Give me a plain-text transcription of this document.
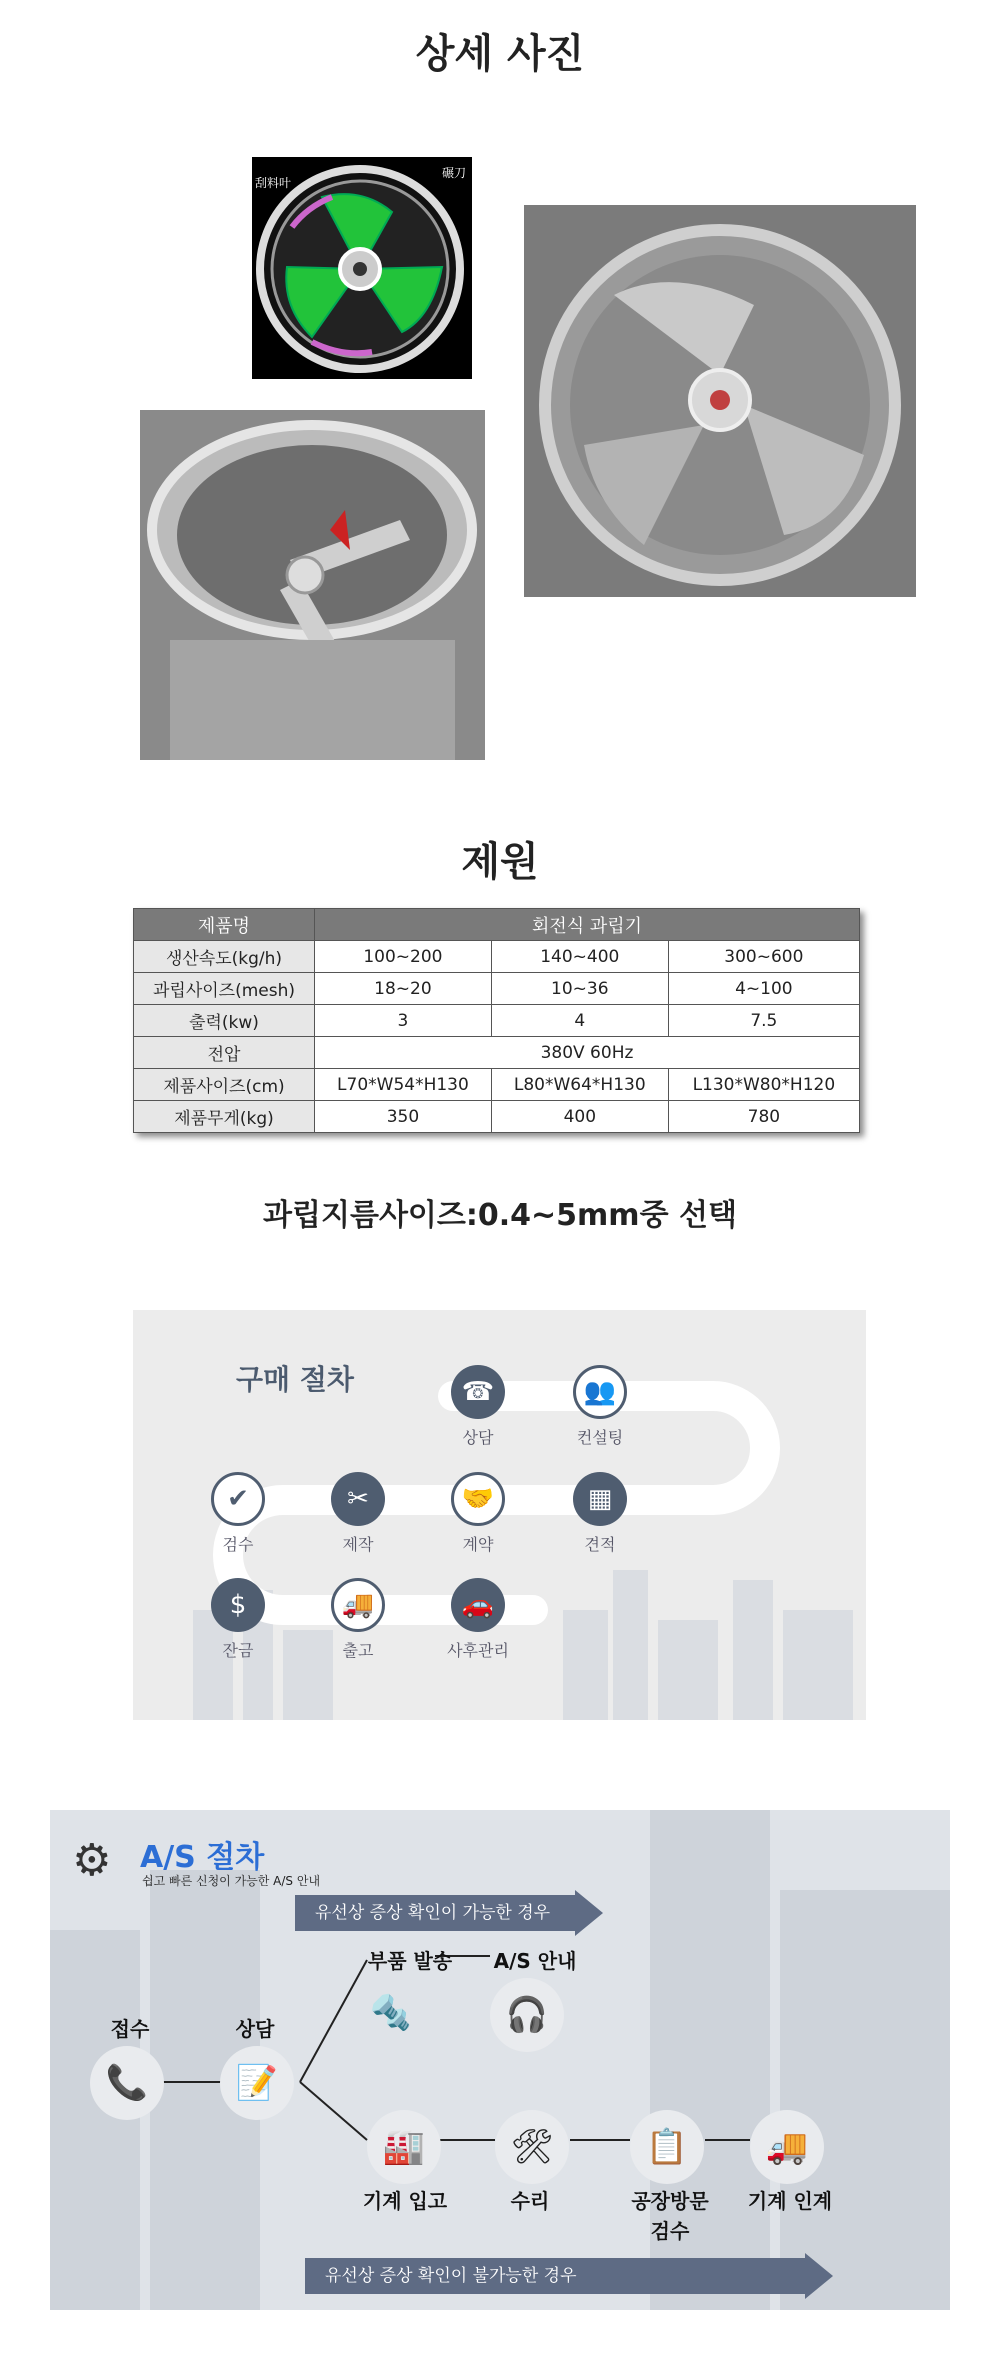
상세 사진
刮料叶
碾刀
제원
제품명	회전식 과립기		
생산속도(kg/h)	100~200	140~400	300~600
과립사이즈(mesh)	18~20	10~36	4~100
출력(kw)	3	4	7.5
전압	380V 60Hz		
제품사이즈(cm)	L70*W54*H130	L80*W64*H130	L130*W80*H120
제품무게(kg)	350	400	780
과립지름사이즈:0.4~5mm중 선택
구매 절차	☎
상담
👥
컨설팅
▦
견적
🤝
계약
✂
제작
✔
검수
$
잔금
🚚
출고
🚗
사후관리
⚙ A/S 절차
쉽고 빠른 신청이 가능한 A/S 안내
유선상 증상 확인이 가능한 경우
부품 발송	A/S 안내
🔩	🎧
접수	상담
📞	📝
🏭	🛠	📋	🚚
기계 입고	수리	공장방문
검수
기계 인계
유선상 증상 확인이 불가능한 경우
